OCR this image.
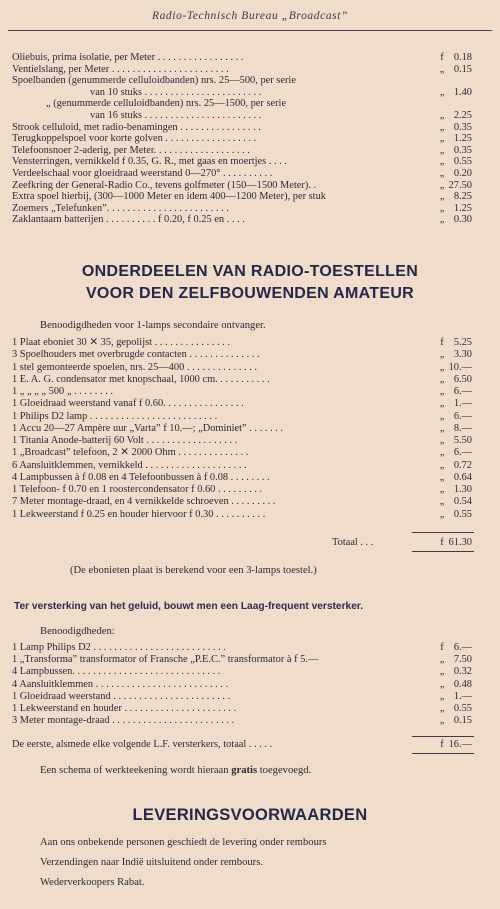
Radio-Technisch Bureau „Broadcast”
Oliebuis, prima isolatie, per Meter . . . . . . . . . . . . . . . . .	f 0.18
Ventielslang, per Meter . . . . . . . . . . . . . . . . . . . . . . .	„ 0.15
Spoelbanden (genummerde celluloidbanden) nrs. 25—500, per serie
van 10 stuks . . . . . . . . . . . . . . . . . . . . . . .	„ 1.40
„ (genummerde celluloidbanden) nrs. 25—1500, per serie
van 16 stuks . . . . . . . . . . . . . . . . . . . . . . .	„ 2.25
Strook celluloid, met radio-benamingen . . . . . . . . . . . . . . . .	„ 0.35
Terugkoppelspoel voor korte golven . . . . . . . . . . . . . . . . . .	„ 1.25
Telefoonsnoer 2-aderig, per Meter. . . . . . . . . . . . . . . . . . .	„ 0.35
Vensterringen, vernikkeld f 0.35, G. R., met gaas en moertjes . . . .	„ 0.55
Verdeelschaal voor gloeidraad weerstand 0—270° . . . . . . . . . .	„ 0.20
Zeefkring der General-Radio Co., tevens golfmeter (150—1500 Meter). .	„ 27.50
Extra spoel hierbij, (300—1000 Meter en idem 400—1200 Meter), per stuk	„ 8.25
Zoemers „Telefunken”. . . . . . . . . . . . . . . . . . . . . . . .	„ 1.25
Zaklantaarn batterijen . . . . . . . . . . f 0.20, f 0.25 en . . . .	„ 0.30
ONDERDEELEN VAN RADIO-TOESTELLEN
VOOR DEN ZELFBOUWENDEN AMATEUR
Benoodigdheden voor 1-lamps secondaire ontvanger.
1 Plaat eboniet 30 ✕ 35, gepolijst . . . . . . . . . . . . . . .	f 5.25
3 Spoelhouders met overbrugde contacten . . . . . . . . . . . . . .	„ 3.30
1 stel gemonteerde spoelen, nrs. 25—400 . . . . . . . . . . . . . .	„ 10.—
1 E. A. G. condensator met knopschaal, 1000 cm. . . . . . . . . . .	„ 6.50
1 „ „ „ „ 500 „ . . . . . . . .	„ 6.—
1 Gloeidraad weerstand vanaf f 0.60. . . . . . . . . . . . . . . .	„ 1.—
1 Philips D2 lamp . . . . . . . . . . . . . . . . . . . . . . . . .	„ 6.—
1 Accu 20—27 Ampère uur „Varta” f 10.—; „Dominiet” . . . . . . .	„ 8.—
1 Titania Anode-batterij 60 Volt . . . . . . . . . . . . . . . . . .	„ 5.50
1 „Broadcast” telefoon, 2 ✕ 2000 Ohm . . . . . . . . . . . . . .	„ 6.—
6 Aansluitklemmen, vernikkeld . . . . . . . . . . . . . . . . . . . .	„ 0.72
4 Lampbussen à f 0.08 en 4 Telefoonbussen à f 0.08 . . . . . . . .	„ 0.64
1 Telefoon- f 0.70 en 1 roostercondensator f 0.60 . . . . . . . . .	„ 1.30
7 Meter montage-draad, en 4 vernikkelde schroeven . . . . . . . . .	„ 0.54
1 Lekweerstand f 0.25 en houder hiervoor f 0.30 . . . . . . . . . .	„ 0.55
Totaal . . .	f 61.30
(De ebonieten plaat is berekend voor een 3-lamps toestel.)
Ter versterking van het geluid, bouwt men een Laag-frequent versterker.
Benoodigdheden:
1 Lamp Philips D2 . . . . . . . . . . . . . . . . . . . . . . . . . .	f 6.—
1 „Transforma” transformator of Fransche „P.E.C.” transformator à f 5.—	„ 7.50
4 Lampbussen. . . . . . . . . . . . . . . . . . . . . . . . . . . . .	„ 0.32
4 Aansluitklemmen . . . . . . . . . . . . . . . . . . . . . . . . . .	„ 0.48
1 Gloeidraad weerstand . . . . . . . . . . . . . . . . . . . . . . .	„ 1.—
1 Lekweerstand en houder . . . . . . . . . . . . . . . . . . . . . .	„ 0.55
3 Meter montage-draad . . . . . . . . . . . . . . . . . . . . . . . .	„ 0.15
De eerste, alsmede elke volgende L.F. versterkers, totaal . . . . .	f 16.—
Een schema of werkteekening wordt hieraan gratis toegevoegd.
LEVERINGSVOORWAARDEN
Aan ons onbekende personen geschiedt de levering onder rembours
Verzendingen naar Indië uitsluitend onder rembours.
Wederverkoopers Rabat.
